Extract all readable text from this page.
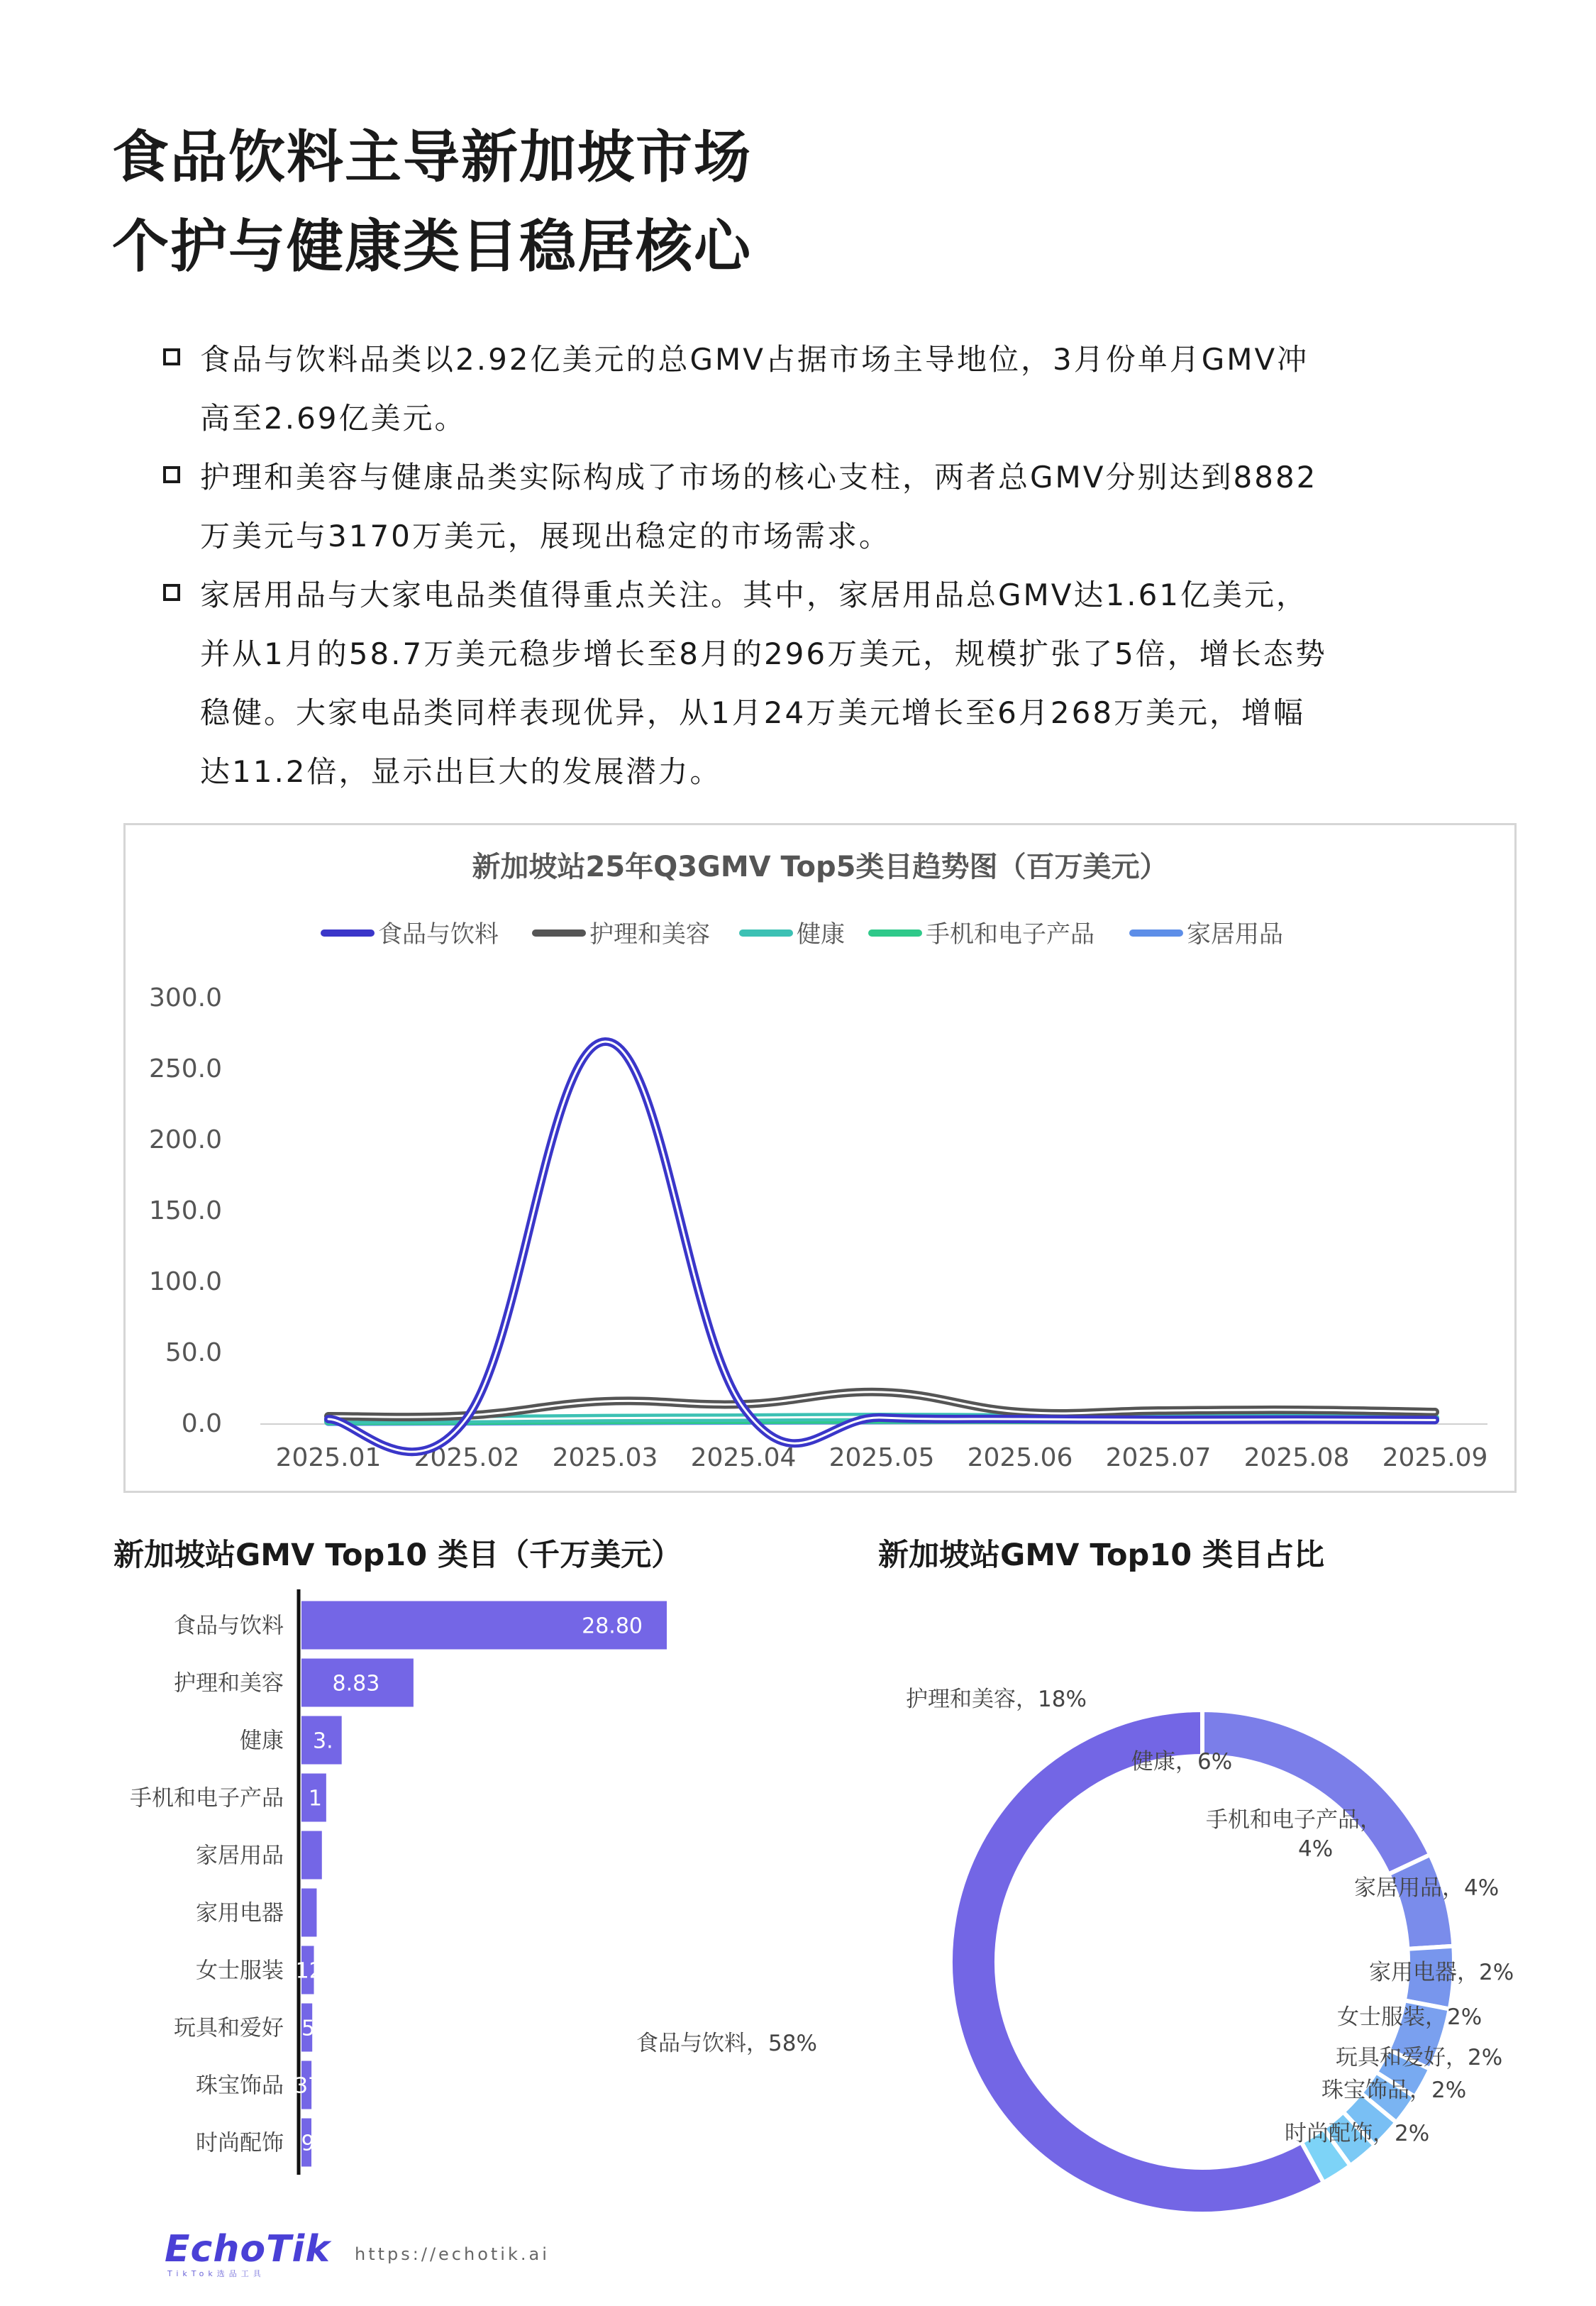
食品饮料主导新加坡市场
个护与健康类目稳居核心
食品与饮料品类以2.92亿美元的总GMV占据市场主导地位，3月份单月GMV冲
高至2.69亿美元。
护理和美容与健康品类实际构成了市场的核心支柱，两者总GMV分别达到8882
万美元与3170万美元，展现出稳定的市场需求。
家居用品与大家电品类值得重点关注。其中，家居用品总GMV达1.61亿美元，
并从1月的58.7万美元稳步增长至8月的296万美元，规模扩张了5倍，增长态势
稳健。大家电品类同样表现优异，从1月24万美元增长至6月268万美元，增幅
达11.2倍，显示出巨大的发展潜力。
新加坡站25年Q3GMV Top5类目趋势图（百万美元）
食品与饮料	护理和美容	健康	手机和电子产品	家居用品
0.0
50.0
100.0
150.0
200.0
250.0
300.0
2025.01 2025.02 2025.03 2025.04 2025.05 2025.06 2025.07 2025.08 2025.09
新加坡站GMV Top10 类目（千万美元）	新加坡站GMV Top10 类目占比
食品与饮料	28.80
护理和美容 8.83
健康 3.
手机和电子产品 1
家居用品
家用电器
女士服装 12
玩具和爱好 5
珠宝饰品 37
时尚配饰 9
食品与饮料，58%
护理和美容，18%
健康，6%
手机和电子产品，
4%
家居用品，4%
家用电器，2%
女士服装，2%
玩具和爱好，2%
珠宝饰品，2%
时尚配饰，2%
EchoTik
TikTok选品工具
https://echotik.ai
